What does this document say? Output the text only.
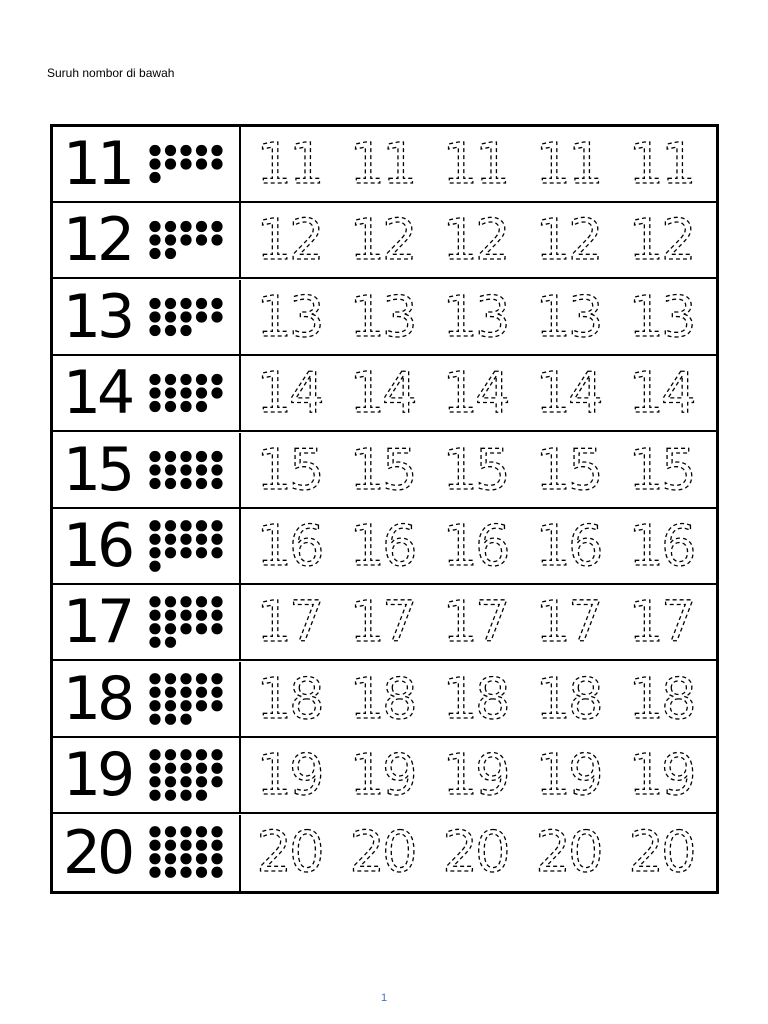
Suruh nombor di bawah
11 11 11 11 11 11
12 12 12 12 12 12
13 13 13 13 13 13
14 14 14 14 14 14
15 15 15 15 15 15
16 16 16 16 16 16
17 17 17 17 17 17
18 18 18 18 18 18
19 19 19 19 19 19
20 20 20 20 20 20
1
